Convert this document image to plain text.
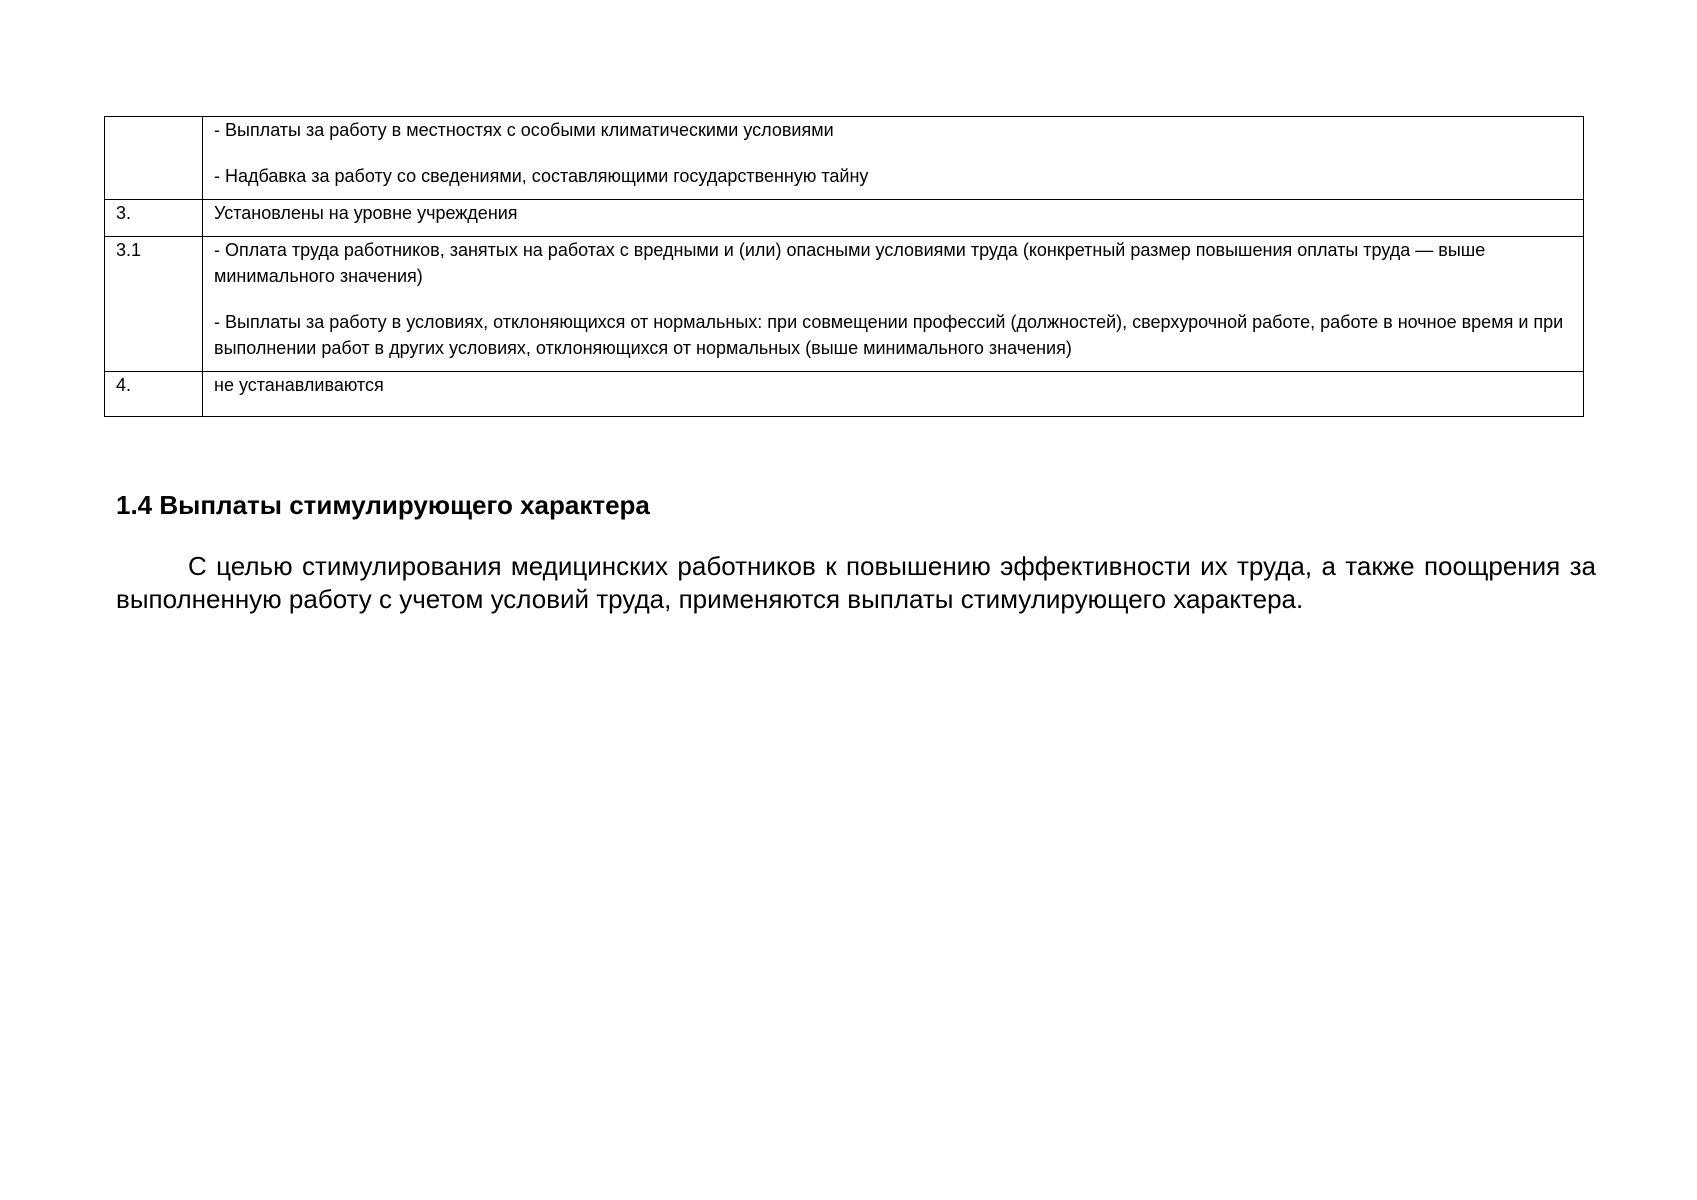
	- Выплаты за работу в местностях с особыми климатическими условиями

- Надбавка за работу со сведениями, составляющими государственную тайну

3.	Установлены на уровне учреждения

3.1	- Оплата труда работников, занятых на работах с вредными и (или) опасными условиями труда (конкретный размер повышения оплаты труда — выше минимального значения)

- Выплаты за работу в условиях, отклоняющихся от нормальных: при совмещении профессий (должностей), сверхурочной работе, работе в ночное время и при выполнении работ в других условиях, отклоняющихся от нормальных (выше минимального значения)

4.	не устанавливаются

1.4 Выплаты стимулирующего характера

С целью стимулирования медицинских работников к повышению эффективности их труда, а также поощрения за выполненную работу с учетом условий труда, применяются выплаты стимулирующего характера.
